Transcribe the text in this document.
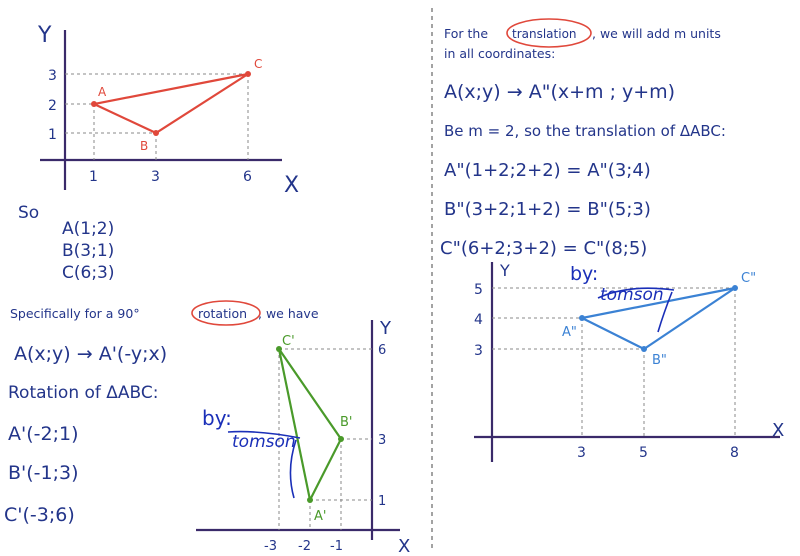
Y
X
3
2
1
1	3	6
A
B
C
So
A(1;2)
B(3;1)
C(6;3)
Specifically for a 90°	rotation , we have
A(x;y) → A'(-y;x)
Rotation of ΔABC:
A'(-2;1)
B'(-1;3)
C'(-3;6)
Y
X
6
3
1
-3 -2 -1
A'
B'
C'
by:
tomson
For the translation , we will add m units
in all coordinates:
A(x;y) → A"(x+m ; y+m)
Be m = 2, so the translation of ΔABC:
A"(1+2;2+2) = A"(3;4)
B"(3+2;1+2) = B"(5;3)
C"(6+2;3+2) = C"(8;5)
Y
X
5
4
3
3	5	8
A"
B"
C"
by:
tomson
